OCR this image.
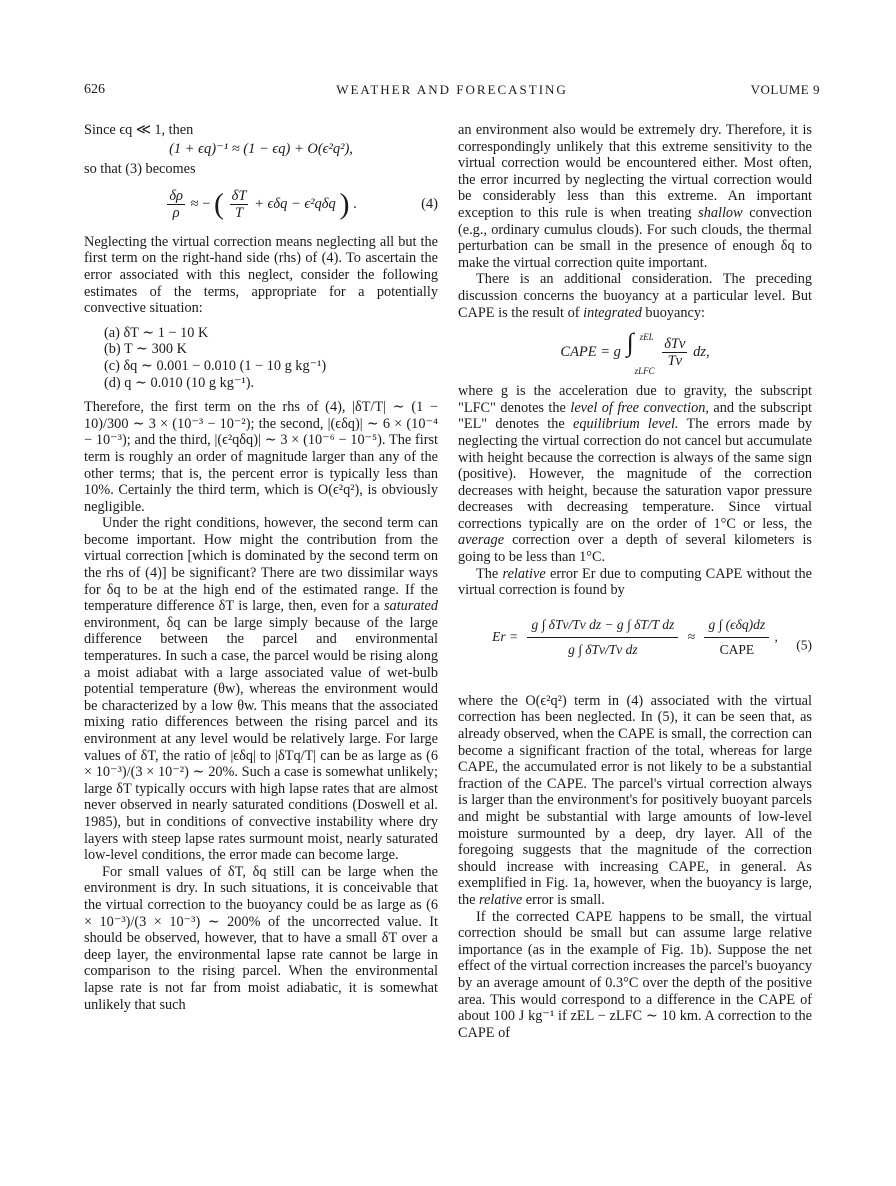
626	WEATHER AND FORECASTING	VOLUME 9

Since ϵq ≪ 1, then

(1 + ϵq)⁻¹ ≈ (1 − ϵq) + O(ϵ²q²),

so that (3) becomes

$\frac{\delta\rho}{\rho}$ ≈ − ( $\frac{\delta T}{T} + \epsilon\delta q - \epsilon^2q\delta q$ ) .	(4)

Neglecting the virtual correction means neglecting all but the first term on the right-hand side (rhs) of (4). To ascertain the error associated with this neglect, consider the following estimates of the terms, appropriate for a potentially convective situation:

(a) δT ∼ 1 − 10 K
(b) T ∼ 300 K
(c) δq ∼ 0.001 − 0.010 (1 − 10 g kg⁻¹)
(d) q ∼ 0.010 (10 g kg⁻¹).

Therefore, the first term on the rhs of (4), |δT/T| ∼ (1 − 10)/300 ∼ 3 × (10⁻³ − 10⁻²); the second, |(ϵδq)| ∼ 6 × (10⁻⁴ − 10⁻³); and the third, |(ϵ²qδq)| ∼ 3 × (10⁻⁶ − 10⁻⁵). The first term is roughly an order of magnitude larger than any of the other terms; that is, the percent error is typically less than 10%. Certainly the third term, which is O(ϵ²q²), is obviously negligible.

Under the right conditions, however, the second term can become important. How might the contribution from the virtual correction [which is dominated by the second term on the rhs of (4)] be significant? There are two dissimilar ways for δq to be at the high end of the estimated range. If the temperature difference δT is large, then, even for a saturated environment, δq can be large simply because of the large difference between the parcel and environmental temperatures. In such a case, the parcel would be rising along a moist adiabat with a large associated value of wet-bulb potential temperature (θw), whereas the environment would be characterized by a low θw. This means that the associated mixing ratio differences between the rising parcel and its environment at any level would be relatively large. For large values of δT, the ratio of |ϵδq| to |δTq/T| can be as large as (6 × 10⁻³)/(3 × 10⁻²) ∼ 20%. Such a case is somewhat unlikely; large δT typically occurs with high lapse rates that are almost never observed in nearly saturated conditions (Doswell et al. 1985), but in conditions of convective instability where dry layers with steep lapse rates surmount moist, nearly saturated low-level conditions, the error made can become large.

For small values of δT, δq still can be large when the environment is dry. In such situations, it is conceivable that the virtual correction to the buoyancy could be as large as (6 × 10⁻³)/(3 × 10⁻³) ∼ 200% of the uncorrected value. It should be observed, however, that to have a small δT over a deep layer, the environmental lapse rate cannot be large in comparison to the rising parcel. When the environmental lapse rate is not far from moist adiabatic, it is somewhat unlikely that such

an environment also would be extremely dry. Therefore, it is correspondingly unlikely that this extreme sensitivity to the virtual correction would be encountered either. Most often, the error incurred by neglecting the virtual correction would be considerably less than this extreme. An important exception to this rule is when treating shallow convection (e.g., ordinary cumulus clouds). For such clouds, the thermal perturbation can be small in the presence of enough δq to make the virtual correction quite important.

There is an additional consideration. The preceding discussion concerns the buoyancy at a particular level. But CAPE is the result of integrated buoyancy:

CAPE = g ∫ zEL
zLFC

$\frac{\text{δTv}}{Tv}$ dz,

where g is the acceleration due to gravity, the subscript "LFC" denotes the level of free convection, and the subscript "EL" denotes the equilibrium level. The errors made by neglecting the virtual correction do not cancel but accumulate with height because the correction is always of the same sign (positive). However, the magnitude of the correction decreases with height, because the saturation vapor pressure decreases with decreasing temperature. Since virtual corrections typically are on the order of 1°C or less, the average correction over a depth of several kilometers is going to be less than 1°C.

The relative error Er due to computing CAPE without the virtual correction is found by

$Er = \frac{\text{g ∫ δTv/Tv dz − g ∫ δT/T dz}}{\text{g ∫ δTv/Tv dz}} \approx \frac{\text{g ∫ (ϵδq)dz}}{\text{CAPE}}$ ,
(5)

where the O(ϵ²q²) term in (4) associated with the virtual correction has been neglected. In (5), it can be seen that, as already observed, when the CAPE is small, the correction can become a significant fraction of the total, whereas for large CAPE, the accumulated error is not likely to be a substantial fraction of the CAPE. The parcel's virtual correction always is larger than the environment's for positively buoyant parcels and might be substantial with large amounts of low-level moisture surmounted by a deep, dry layer. All of the foregoing suggests that the magnitude of the correction should increase with increasing CAPE, in general. As exemplified in Fig. 1a, however, when the buoyancy is large, the relative error is small.

If the corrected CAPE happens to be small, the virtual correction should be small but can assume large relative importance (as in the example of Fig. 1b). Suppose the net effect of the virtual correction increases the parcel's buoyancy by an average amount of 0.3°C over the depth of the positive area. This would correspond to a difference in the CAPE of about 100 J kg⁻¹ if zEL − zLFC ∼ 10 km. A correction to the CAPE of
